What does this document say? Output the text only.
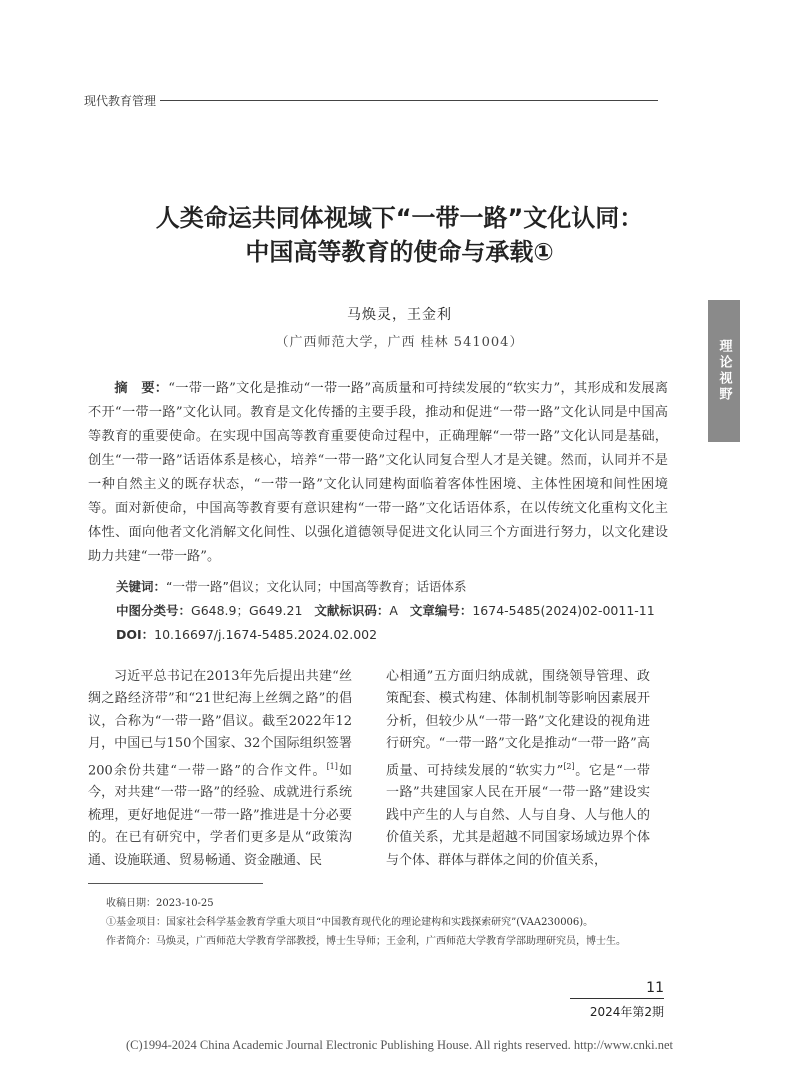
现代教育管理
理论视野
人类命运共同体视域下“一带一路”文化认同：
中国高等教育的使命与承载①
马焕灵，王金利
（广西师范大学，广西 桂林 541004）
摘　要：“一带一路”文化是推动“一带一路”高质量和可持续发展的“软实力”，其形成和发展离不开“一带一路”文化认同。教育是文化传播的主要手段，推动和促进“一带一路”文化认同是中国高等教育的重要使命。在实现中国高等教育重要使命过程中，正确理解“一带一路”文化认同是基础，创生“一带一路”话语体系是核心，培养“一带一路”文化认同复合型人才是关键。然而，认同并不是一种自然主义的既存状态，“一带一路”文化认同建构面临着客体性困境、主体性困境和间性困境等。面对新使命，中国高等教育要有意识建构“一带一路”文化话语体系，在以传统文化重构文化主体性、面向他者文化消解文化间性、以强化道德领导促进文化认同三个方面进行努力，以文化建设助力共建“一带一路”。
关键词：“一带一路”倡议；文化认同；中国高等教育；话语体系
中图分类号：G648.9；G649.21 文献标识码：A 文章编号：1674-5485(2024)02-0011-11
DOI：10.16697/j.1674-5485.2024.02.002
习近平总书记在2013年先后提出共建“丝绸之路经济带”和“21世纪海上丝绸之路”的倡议，合称为“一带一路”倡议。截至2022年12月，中国已与150个国家、32个国际组织签署200余份共建“一带一路”的合作文件。[1]如今，对共建“一带一路”的经验、成就进行系统梳理，更好地促进“一带一路”推进是十分必要的。在已有研究中，学者们更多是从“政策沟通、设施联通、贸易畅通、资金融通、民
心相通”五方面归纳成就，围绕领导管理、政策配套、模式构建、体制机制等影响因素展开分析，但较少从“一带一路”文化建设的视角进行研究。“一带一路”文化是推动“一带一路”高质量、可持续发展的“软实力”[2]。它是“一带一路”共建国家人民在开展“一带一路”建设实践中产生的人与自然、人与自身、人与他人的价值关系，尤其是超越不同国家场域边界个体与个体、群体与群体之间的价值关系，
收稿日期：2023-10-25
①基金项目：国家社会科学基金教育学重大项目“中国教育现代化的理论建构和实践探索研究”(VAA230006)。
作者简介：马焕灵，广西师范大学教育学部教授，博士生导师；王金利，广西师范大学教育学部助理研究员，博士生。
11
2024年第2期
(C)1994-2024 China Academic Journal Electronic Publishing House. All rights reserved. http://www.cnki.net
